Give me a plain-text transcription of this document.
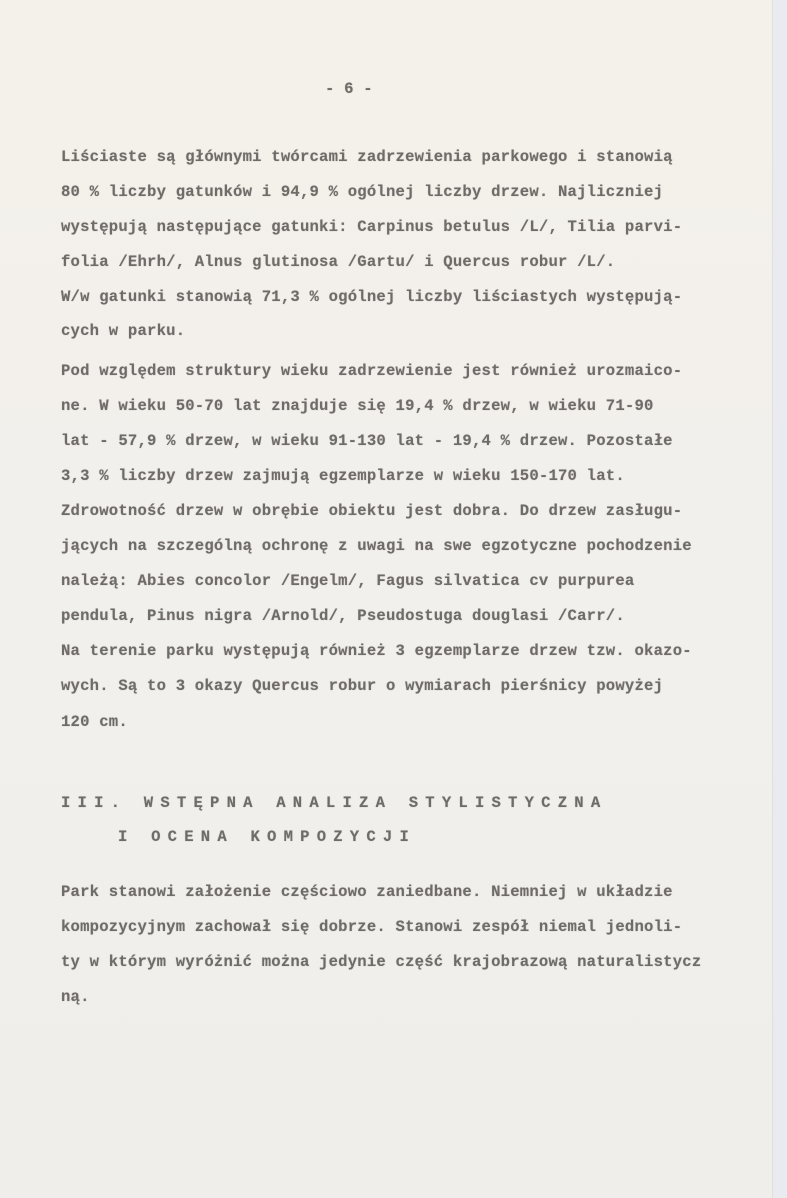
- 6 -
Liściaste są głównymi twórcami zadrzewienia parkowego i stanowią
80 % liczby gatunków i 94,9 % ogólnej liczby drzew. Najliczniej
występują następujące gatunki: Carpinus betulus /L/, Tilia parvi-
folia /Ehrh/, Alnus glutinosa /Gartu/ i Quercus robur /L/.
W/w gatunki stanowią 71,3 % ogólnej liczby liściastych występują-
cych w parku.
Pod względem struktury wieku zadrzewienie jest również urozmaico-
ne. W wieku 50-70 lat znajduje się 19,4 % drzew, w wieku 71-90
lat - 57,9 % drzew, w wieku 91-130 lat - 19,4 % drzew. Pozostałe
3,3 % liczby drzew zajmują egzemplarze w wieku 150-170 lat.
Zdrowotność drzew w obrębie obiektu jest dobra. Do drzew zasługu-
jących na szczególną ochronę z uwagi na swe egzotyczne pochodzenie
należą: Abies concolor /Engelm/, Fagus silvatica cv purpurea
pendula, Pinus nigra /Arnold/, Pseudostuga douglasi /Carr/.
Na terenie parku występują również 3 egzemplarze drzew tzw. okazo-
wych. Są to 3 okazy Quercus robur o wymiarach pierśnicy powyżej
120 cm.
III. WSTĘPNA ANALIZA STYLISTYCZNA
I OCENA KOMPOZYCJI
Park stanowi założenie częściowo zaniedbane. Niemniej w układzie
kompozycyjnym zachował się dobrze. Stanowi zespół niemal jednoli-
ty w którym wyróżnić można jedynie część krajobrazową naturalistycz
ną.
